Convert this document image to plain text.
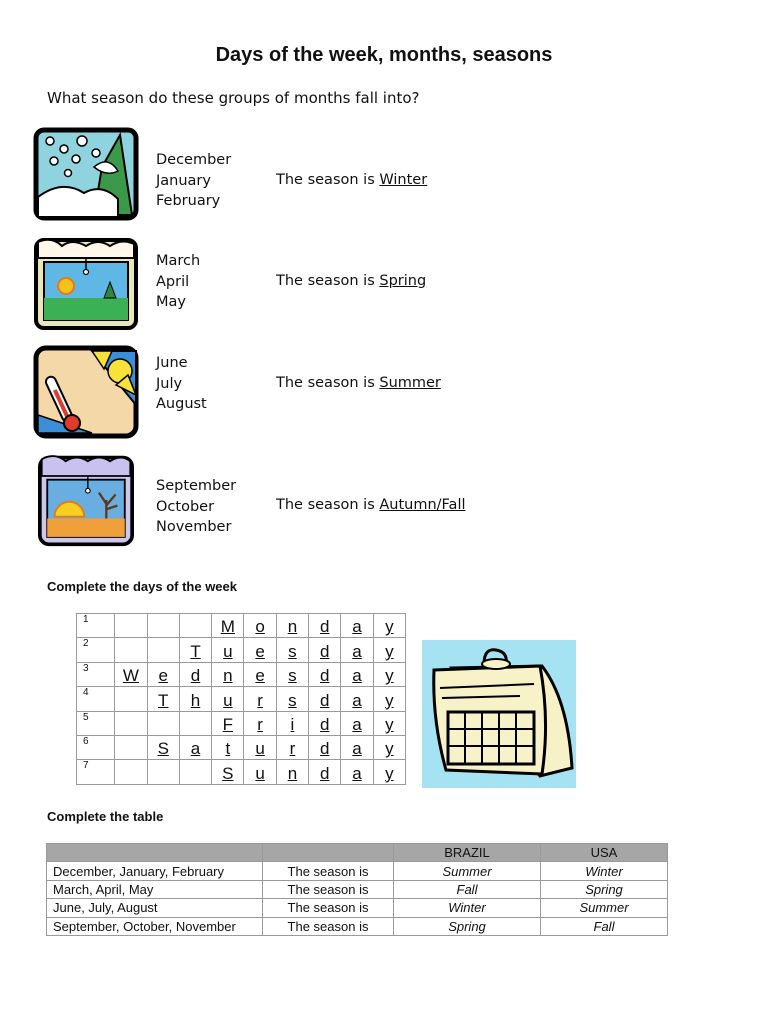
Days of the week, months, seasons
What season do these groups of months fall into?
December
January
February
The season is Winter
March
April
May
The season is Spring
June
July
August
The season is Summer
September
October
November
The season is Autumn/Fall
Complete the days of the week
1				M	o	n	d	a	y
2			T	u	e	s	d	a	y
3	W	e	d	n	e	s	d	a	y
4		T	h	u	r	s	d	a	y
5				F	r	i	d	a	y
6		S	a	t	u	r	d	a	y
7				S	u	n	d	a	y
Complete the table
		BRAZIL	USA
December, January, February	The season is	Summer	Winter
March, April, May	The season is	Fall	Spring
June, July, August	The season is	Winter	Summer
September, October, November	The season is	Spring	Fall
